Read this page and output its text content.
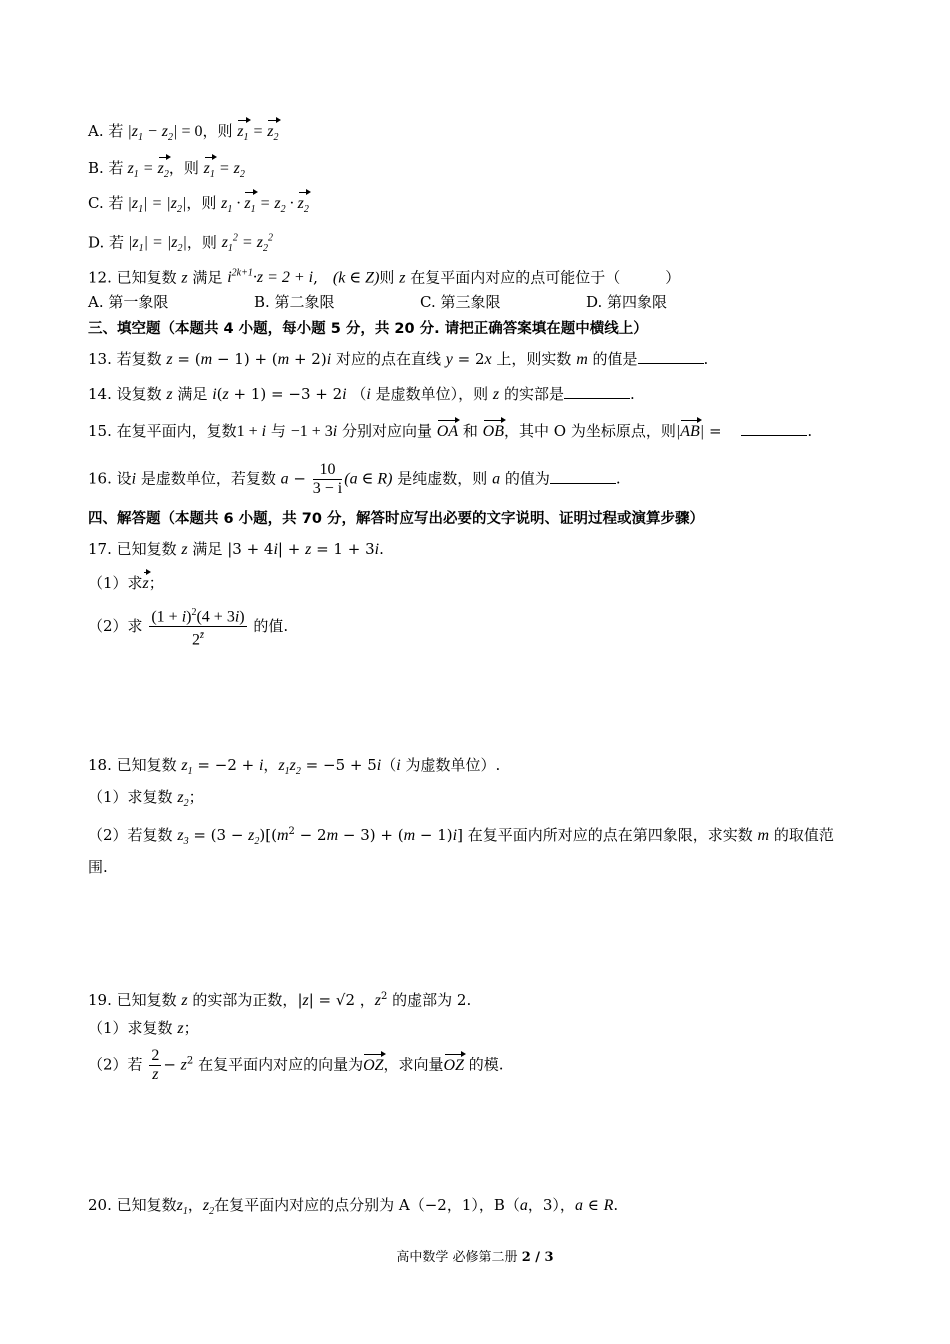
A. 若 $|z_1 - z_2| = 0$，则 $z_1 = z_2$
B. 若 $z_1 = z_2$，则 $z_1 = z_2$
C. 若 $|z_1| = |z_2|$，则 $z_1 \cdot z_1 = z_2 \cdot z_2$
D. 若 $|z_1| = |z_2|$，则 $z_1^2 = z_2^2$
12. 已知复数 z 满足 $i^{2k+1}\cdot z = 2 + i$,　(k ∈ Z)则 z 在复平面内对应的点可能位于（　　　）
A. 第一象限	B. 第二象限	C. 第三象限	D. 第四象限
三、填空题（本题共 4 小题，每小题 5 分，共 20 分. 请把正确答案填在题中横线上）
13. 若复数 z = (m − 1) + (m + 2)i 对应的点在直线 y = 2x 上，则实数 m 的值是	.
14. 设复数 z 满足 i(z + 1) = −3 + 2i （i 是虚数单位），则 z 的实部是	.
15. 在复平面内，复数1 + i 与 −1 + 3i 分别对应向量 OA 和 OB，其中 O 为坐标原点，则|AB| = 　	.
16. 设i 是虚数单位，若复数 $a - \frac{10}{3 - i} (a$ ∈ R) 是纯虚数，则 a 的值为	.
四、解答题（本题共 6 小题，共 70 分，解答时应写出必要的文字说明、证明过程或演算步骤）
17. 已知复数 z 满足 |3 + 4i| + z = 1 + 3i.
（1）求z；
（2）求 $\frac{(1 + i)^2(4 + 3i)}{2^{z̄}}$ 的值.
18. 已知复数 $z_1 = -2 + i$，$z_1z_2 = -5 + 5i(i$ 为虚数单位）.
（1）求复数 $z_2$；
（2）若复数 $z_3 = (3 - z_2)[(m^2 - 2m - 3) + (m - 1)i]$ 在复平面内所对应的点在第四象限，求实数 m 的取值范
围.
19. 已知复数 z 的实部为正数，|z| = √2 ，$z^2$ 的虚部为 2.
（1）求复数 z；
（2）若 $\frac{2}{z} - z^2$ 在复平面内对应的向量为OZ，求向量OZ 的模.
20. 已知复数$z_1$，$z_2$在复平面内对应的点分别为 A（−2，1），B（a，3），a ∈ R.
高中数学 必修第二册 2 / 3
